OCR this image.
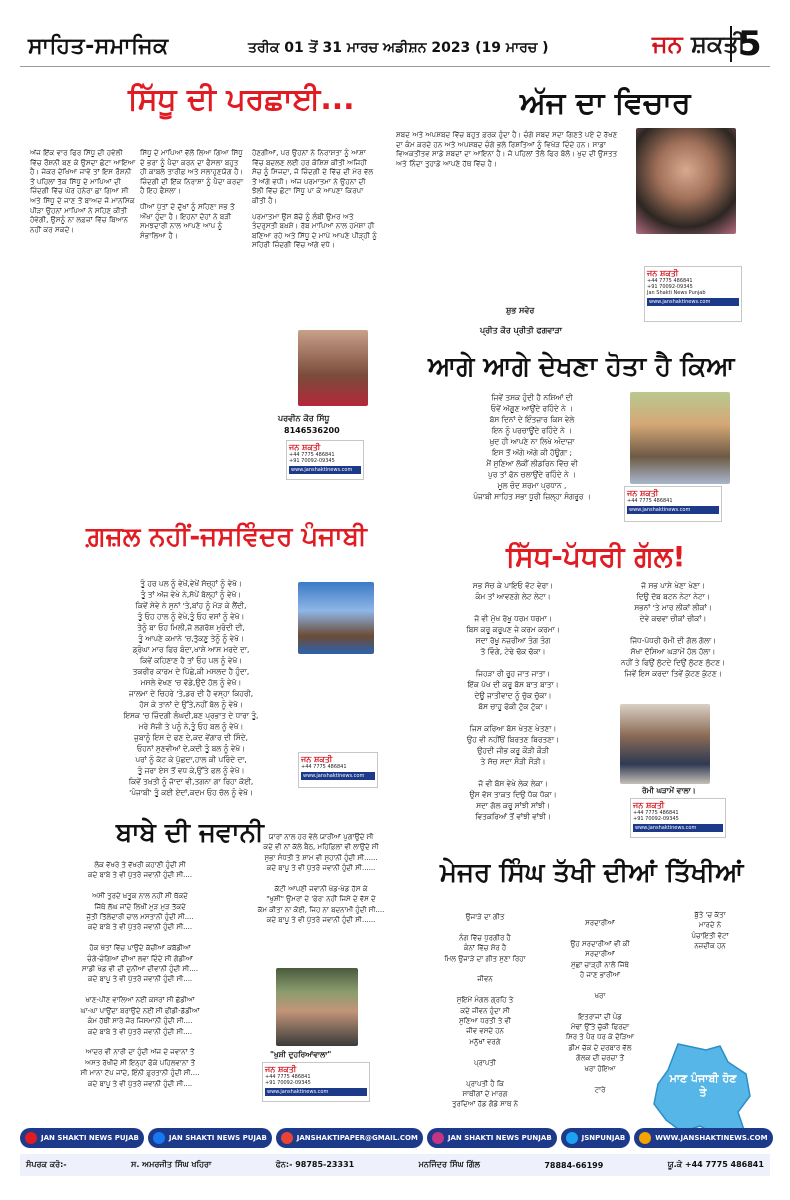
ਸਾਹਿਤ-ਸਮਾਜਿਕ	ਤਰੀਕ 01 ਤੋਂ 31 ਮਾਰਚ ਅਡੀਸ਼ਨ 2023 (19 ਮਾਰਚ )	ਜਨ ਸ਼ਕਤੀ
5
ਸਿੱਧੂ ਦੀ ਪਰਛਾਈ...

ਅੱਜ ਇੱਕ ਵਾਰ ਫਿਰ ਸਿੱਧੂ ਦੀ ਹਵੇਲੀ ਵਿੱਚ ਰੌਸ਼ਨੀ ਬਣ ਕੇ ਉਸਦਾ ਛੋਟਾ ਆਇਆ ਹੈ। ਜੇਕਰ ਦੇਖਿਆ ਜਾਵੇ ਤਾਂ ਇਸ ਰੌਸ਼ਨੀ ਤੋਂ ਪਹਿਲਾਂ ਤੱਕ ਸਿੱਧੂ ਦੇ ਮਾਪਿਆਂ ਦੀ ਜ਼ਿੰਦਗੀ ਵਿੱਚ ਘੋਰ ਹਨੇਰਾ ਛਾ ਗਿਆ ਸੀ ਅਤੇ ਸਿੱਧੂ ਦੇ ਜਾਣ ਤੋਂ ਬਾਅਦ ਜੋ ਮਾਨਸਿਕ ਪੀੜਾ ਉਹਨਾਂ ਮਾਪਿਆਂ ਨੇ ਸਹਿਣ ਕੀਤੀ ਹੋਵੇਗੀ, ਉਸਨੂੰ ਨਾ ਲਫ਼ਜ਼ਾਂ ਵਿੱਚ ਬਿਆਨ ਨਹੀਂ ਕਰ ਸਕਦੇ।

ਸਿੱਧੂ ਦੇ ਮਾਪਿਆਂ ਵੱਲੋਂ ਲਿਆ ਗਿਆ ਸਿੱਧੂ ਦੇ ਭਰਾ ਨੂੰ ਪੈਦਾ ਕਰਨ ਦਾ ਫੈਸਲਾ ਬਹੁਤ ਹੀ ਕਾਬਲੇ ਤਾਰੀਫ਼ ਅਤੇ ਸਲਾਹੁਣਯੋਗ ਹੈ। ਜ਼ਿੰਦਗੀ ਦੀ ਇੱਕ ਨਿਰਾਸ਼ਾ ਨੂੰ ਪੈਦਾ ਕਰਦਾ ਹੈ ਇਹ ਫੈਸਲਾ।

ਧੀਆਂ ਪੁੱਤਾਂ ਦੇ ਦੁੱਖਾਂ ਨੂੰ ਸਹਿਣਾ ਸਭ ਤੋਂ ਔਖਾ ਹੁੰਦਾ ਹੈ। ਇਹਨਾਂ ਦੋਹਾਂ ਨੇ ਬੜੀ ਸਮਝਦਾਰੀ ਨਾਲ ਆਪਣੇ ਆਪ ਨੂੰ ਸੰਭਾਲਿਆ ਹੈ।

ਹੋਣਗੀਆਂ, ਪਰ ਉਹਨਾਂ ਨੇ ਨਿਰਾਸ਼ਤਾ ਨੂੰ ਆਸ਼ਾ ਵਿੱਚ ਬਦਲਣ ਲਈ ਹਰ ਕੋਸ਼ਿਸ਼ ਕੀਤੀ ਅਜਿਹੀ ਸੋਚ ਨੂੰ ਸਿਜਦਾ, ਜੋ ਜ਼ਿੰਦਗੀ ਦੇ ਵਿੱਚ ਦੀ ਮੇਰ ਵੱਲ ਤੋਂ ਅੱਗੇ ਵਧੀ। ਅੱਜ ਪਰਮਾਤਮਾ ਨੇ ਉਹਨਾਂ ਦੀ ਝੋਲੀ ਵਿੱਚ ਛੋਟਾ ਸਿੱਧੂ ਪਾ ਕੇ ਆਪਣਾ ਕਿਰਪਾ ਕੀਤੀ ਹੈ।

ਪਰਮਾਤਮਾ ਉਸ ਬੱਚੇ ਨੂੰ ਲੰਬੀ ਉਮਰ ਅਤੇ ਤੰਦਰੁਸਤੀ ਬਖ਼ਸ਼ੇ। ਰੱਬ ਮਾਪਿਆਂ ਨਾਲ ਹਮੇਸ਼ਾ ਹੀ ਬਣਿਆ ਰਹੇ ਅਤੇ ਸਿੱਧੂ ਦੇ ਮਾਪੇ ਆਪਣੇ ਪੀੜ੍ਹੀ ਨੂੰ ਸਹਿਰੀ ਜ਼ਿੰਦਗੀ ਵਿੱਚ ਅੱਗੇ ਵਧੇ।

ਪਰਵੀਨ ਕੌਰ ਸਿੱਧੂ
8146536200
ਜਨ ਸ਼ਕਤੀ
+44 7775 486841
+91 70092-09345
www.janshaktinews.com
ਅੱਜ ਦਾ ਵਿਚਾਰ
ਸ਼ਬਦ ਅਤੇ ਅਪਸ਼ਬਦ ਵਿੱਚ ਬਹੁਤ ਫ਼ਰਕ ਹੁੰਦਾ ਹੈ। ਚੰਗੇ ਸ਼ਬਦ ਸਦਾ ਗਿਣਤੇ ਪਏ ਦੇ ਰੱਖਣ ਦਾ ਕੰਮ ਕਰਦੇ ਹਨ ਅਤੇ ਅਪਸ਼ਬਦ ਚੰਗੇ ਭਲੇ ਰਿਸ਼ਤਿਆਂ ਨੂੰ ਵਿਖੇੜ ਦਿੰਦੇ ਹਨ। ਸਾਡਾ ਵਿਅਕਤੀਤਵ ਸਾਡੇ ਸ਼ਬਦਾਂ ਦਾ ਆਇਨਾ ਹੈ। ਜੋ ਪਹਿਲਾਂ ਤੋਲੋ ਫਿਰ ਬੋਲੋ। ਖੁਦ ਦੀ ਉਸਤਤ ਅਤੇ ਨਿੰਦਾ ਤੁਹਾਡੇ ਆਪਣੇ ਹੱਥ ਵਿੱਚ ਹੈ।
ਜਨ ਸ਼ਕਤੀ
+44 7775 486841
+91 70092-09345
Jan Shakti News Punjab
www.janshaktinews.com
ਸ਼ੁਭ ਸਵੇਰ
ਪ੍ਰੀਤ ਕੌਰ ਪ੍ਰੀਤੀ ਫਗਵਾੜਾ
ਆਗੇ ਆਗੇ ਦੇਖਣਾ ਹੋਤਾ ਹੈ ਕਿਆ
ਜਿਵੇਂ ਤਸਕ ਹੁੰਦੀ ਹੈ ਨਸ਼ਿਆਂ ਦੀ
ਓਵੇਂ ਅੱਗੂਣ ਆਉਂਦੇ ਰਹਿੰਦੇ ਨੇ ।
ਬੱਸ ਦਿਨਾਂ ਦੇ ਇੰਤਜ਼ਾਰ ਕਿਸ ਵੇਲੇ
ਇਨ ਨੂੰ ਪਰਚਾਊਂਦੇ ਰਹਿੰਦੇ ਨੇ ।
ਖ਼ੁਦ ਹੀ ਆਪਣੇ ਨਾ ਲਿਖੇ ਅੰਦਾਜ਼ਾ
ਇਸ ਤੋਂ ਅੱਗੇ ਅੱਗੇ ਕੀ ਹੋਊਗਾ ;
ਮੈਂ ਸੁਣਿਆ ਲੋਕੀਂ ਲੀਡਰਿਨ ਵਿੱਚ ਵੀ
ਪੁਰ ਤਾਂ ਫੋਨ ਚਲਾਉਂਦੇ ਰਹਿੰਦੇ ਨੇ ।
ਮੂਲ ਚੰਦ ਸ਼ਰਮਾ ਪ੍ਰਧਾਨ ,
ਪੰਜਾਬੀ ਸਾਹਿਤ ਸਭਾ ਧੂਰੀ ਜ਼ਿਲ੍ਹਾ ਸੰਗਰੂਰ ।	ਜਨ ਸ਼ਕਤੀ
+44 7775 486841
www.janshaktinews.com
ਗ਼ਜ਼ਲ ਨਹੀਂ-ਜਸਵਿੰਦਰ ਪੰਜਾਬੀ
ਤੂੰ ਹਰ ਪਲ ਨੂੰ ਵੇਖੇਂ,ਵੇਖੇਂ ਸੋਚ੍ਹਾਂ ਨੂੰ ਵੇਖੋ।
ਤੂੰ ਤਾਂ ਅੱਜ ਵੇਖੇ ਨੇ,ਸੱਪੇਂ ਬੋਲ੍ਹਾਂ ਨੂੰ ਵੇਖੋ।
ਕਿਵੇਂ ਸੇਵੇ ਨੇ ਸੁਨਾਂ 'ਤੇ,ਬਾਂਹ ਨੂੰ ਮੋੜ ਕੇ ਲੈਂਦੀ,
ਤੂੰ ਓਹ ਹਾਲ ਨੂੰ ਵੇਖੇ,ਤੂੰ ਓਹ ਵਸਾਂ ਨੂੰ ਵੇਖੋ।
ਤੇਨੂੰ ਬਾ ਓਹ ਮਿਲੀ,ਜੋ ਲਗਰੋਸ਼ ਮੁਰੰਦੀ ਦੀ,
ਤੂੰ ਆਪਣੇ ਕਮਾਨੇ 'ਚ,ਤੁੱਕਣੂ ਤੇਨੂੰ ਨੂੰ ਵੇਖੋ।
ਡ੍ਰੰਘਾ ਮਾਰ ਫਿਰ ਬੰਦਾ,ਖਾਸ਼ੇ ਆਸ ਮਰਦੇ ਦਾ,
ਕਿਵੇਂ ਕਹਿਣਾਣ ਹੈ ਤਾਂ ਓਹ ਪਲ ਨੂੰ ਵੇਖੋ।
ਤਕਰੀਰ ਕਾਰਮ ਦੇ ਪਿੱਛੇ,ਕੀ ਮਸਲਦ ਹੈ ਹੁੰਦਾ,
ਮਸਲੇ ਵੇਖਣ 'ਚ ਵੱਡੇ,ਉਦੋ ਹੱਲ ਨੂੰ ਵੇਖੋ।
ਜਾਲਮਾ ਦੇ ਚਿਹਰੇ 'ਤੇ,ਡਰ ਦੀ ਹੈ ਵਸ੍ਹਾ ਕਿਹਰੀ,
ਹੱਸ ਕੇ ਤਾਨਾਂ ਦੇ ਉੱਤੇ,ਨਹੀਂ ਬੋਲ ਨੂੰ ਵੇਖੋ।
ਇਸਕ 'ਚ ਜ਼ਿੰਦਗੀ ਲੰਘਦੀ,ਬਣ ਪ੍ਰਭਾਤ ਦੇ ਧਾਰਾ ਤੂੰ,
ਮਰੇ ਸੱਜੀ ਤੇ ਪਨੂੰ ਨੇ,ਤੂੰ ਓਹ ਬਲ ਨੂੰ ਵੇਖੋ।
ਜੁਬਾਨੂੰ ਇਸ ਦੇ ਫਣ ਦੇ,ਕਦ ਵੇਂਗਾਰ ਦੀ ਸਿੰਦੇ,
ਓਹਨਾਂ ਸੁਣਵੀਆਂ ਦੇ,ਕਦੀ ਤੂੰ ਬਲ ਨੂੰ ਵੇਖੋ।
ਪਰਾਂ ਨੂੰ ਕੱਟ ਕੇ ਪੁੱਛਦਾ,ਹਾਲ ਕੀ ਪਰਿੰਦੇ ਦਾ,
ਤੂੰ ਜਰਾ ਏਸ ਤੋਂ ਵਧ ਕੇ,ਉੱਤੇ ਫਲ ਨੂੰ ਵੇਖੋ।
ਕਿਵੇਂ ਤਖ਼ਤੀ ਨੂੰ ਜਾੱਦਾ ਵੀ,ਤਗਨਾ ਗਾ ਰਿਹਾ ਕੋਈ,
'ਪੰਜਾਬੀ' ਤੂੰ ਕਈ ਏਦਾਂ,ਕਦਮ ਓਹ ਚੱਲ ਨੂੰ ਵੇਖੋ।
ਜਨ ਸ਼ਕਤੀ
+44 7775 486841
www.janshaktinews.com
ਸਿੱਧ-ਪੱਧਰੀ ਗੱਲ!
ਸਭ ਸੋਚ ਕੇ ਪਾਇਓ ਵੋਟ ਵੇਰਾ।
ਕੰਮ ਤਾਂ ਆਵਣਗੇ ਲੇਟ ਲੇਟਾ।

ਜੋ ਵੀ ਮੁੱਖ ਰੱਖੂ ਧਰਮ ਧਰਮਾ।
ਬਿਸ ਕਰੂ ਕਰੂਪਣ ਜੇ ਕਰਮ ਕਰਮਾ।
ਸਦਾ ਰੱਖੂ ਨਜ਼ਰੀਆ ਤੰਗ ਤੰਗ
ਤੋ ਵਿੰਗੇ, ਟੇਢੇ ਢੱਕ ਢੱਕਾ।

ਜਿਹੜਾ ਰੀ ਰੂਹ ਜਾਤ ਜਾਤਾ।
ਇੱਕ ਪੱਖ ਦੀ ਕਰੂ ਬੱਸ ਬਾਤ ਬਾਤਾ।
ਦੇਊ ਜਾਤੀਵਾਦ ਨੂੰ ਚੁੱਕ ਚੁੱਕਾ।
ਬੱਸ ਚਾਹੂ ਫੋਕੀ ਟੁੱਕ ਟੁੱਕਾ।

ਜਿਸ ਕਰਿਆ ਬੱਸ ਖੇਤਣ ਖੇਤਣਾ।
ਉਹ ਵੀ ਨਹੀਂਓਂ ਬਿਰਤਣ ਬਿਰਤਣਾ।
ਉਹਦੀ ਜੀਭ ਕਰੂ ਕੌੜੀ ਕੌੜੀ
ਤੇ ਸੋਚ ਸਦਾ ਸੌੜੀ ਸੌੜੀ।

ਜੋ ਵੀ ਬੱਸ ਵੇਖੇ ਲੇਕ ਲੇਕਾ।
ਉਸ ਵੱਸ ਤਾਕਤ ਦਿਉ ਧੋਕ ਧੋਕਾ।
ਸਦਾ ਗੱਲ ਕਰੂ ਸਾਂਝੀ ਸਾਂਝੀ।
ਵਿਤਕਰਿਆਂ ਤੋਂ ਵਾਂਝੀ ਵਾਂਝੀ।
ਜੋ ਸਭ ਪਾਸੇ ਖੇਣਾ ਖੇਣਾ।
ਦਿਊ ਦੱਬ ਬਟਨ ਨੇਟਾ ਨੇਟਾ।
ਸਭਨਾਂ 'ਤੇ ਮਾਰ ਲੀਕਾਂ ਲੀਕਾਂ।
ਦੇਵੇ ਕਢਵਾ ਚੀਕਾਂ ਚੀਕਾਂ।

ਜਿੱਧ-ਪੱਧਰੀ ਰੋਮੀ ਦੀ ਗੱਲ ਗੱਲਾ।
ਸੋਖਾ ਦੱਸਿਆ ਘੜਾਮੇਂ ਹੱਲ ਹੱਲਾ।
ਨਹੀਂ ਤੇ ਫਿਉਂ ਲੁੱਟਦੇ ਦਿਉਂ ਲੁੱਟਣ ਲੁੱਟਣ।
ਜਿਵੇਂ ਇਸ ਕਰਦਾ ਤਿਵੇਂ ਕੁੱਟਣ ਕੁੱਟਣ।
ਰੋਮੀ ਘੜਾਮੇਂ ਵਾਲਾ।
ਜਨ ਸ਼ਕਤੀ
+44 7775 486841
+91 70092-09345
www.janshaktinews.com
ਬਾਬੇ ਦੀ ਜਵਾਨੀ
ਲੋਕ ਵੱਖਰੇ ਤੇ ਵੱਖਰੀ ਕਹਾਣੀ ਹੁੰਦੀ ਸੀ
ਕਦੇ ਬਾਬੇ ਤੇ ਵੀ ਪੁੱਤਰੋ ਜਵਾਨੀ ਹੁੰਦੀ ਸੀ....

ਅਸੀਂ ਤੁਰਦੇ ਖ਼ਤੂਕ ਨਾਲ ਨਹੀਂ ਸੀ ਥੱਕਦੇ
ਜਿੱਥੇ ਲੱਘ ਜਾਂਦੇ ਲਿਖੀਂ ਮੁੜ ਮੁੜ ਤੱਕਦੇ
ਜੁੱਤੀ ਤਿੱਲੇਦਾਰੀ ਚਾਲ ਮਸਤਾਨੀ ਹੁੰਦੀ ਸੀ....
ਕਦੇ ਬਾਬੇ ਤੇ ਵੀ ਪੁੱਤਰੋ ਜਵਾਨੀ ਹੁੰਦੀ ਸੀ....

ਹੋਕ ਖੱਤਾਂ ਵਿੱਚ ਪਾਉਂਦੇ ਕੱਚੀਆਂ ਕਬੱਡੀਆਂ
ਚੰਗੇ-ਚੰਗਿਆਂ ਦੀਆਂ ਲਵਾ ਦਿੰਦੇ ਸੀ ਗੋਡੀਆਂ
ਸਾਡੀ ਖੇਡ ਵੀ ਦੀ ਦੁਨੀਆਂ ਦੀਵਾਨੀ ਹੁੰਦੀ ਸੀ....
ਕਦੇ ਬਾਪੂ ਤੇ ਵੀ ਪੁੱਤਰੋ ਜਵਾਨੀ ਹੁੰਦੀ ਸੀ....

ਖਾਣ-ਪੀਣ ਵਾਲਿਆਂ ਨਈਂ ਕਸਰਾਂ ਸੀ ਛੱਡੀਆਂ
ਘਾ-ਘਾ ਪਾਉਂਦਾ ਬਰਾਉਂਦੇ ਨਈਂ ਸੀ ਫੀਡੀ-ਡੱਡੀਆਂ
ਕੰਮ ਹੱਥੀਂ ਸਾਰੇ ਜੋਰ ਜਿਸਮਾਨੀ ਹੁੰਦੀ ਸੀ....
ਕਦੇ ਬਾਬੇ ਤੇ ਵੀ ਪੁੱਤਰੋ ਜਵਾਨੀ ਹੁੰਦੀ ਸੀ....

ਆਦਰ ਵੀ ਨਾਰੀ ਦਾ ਹੁੰਦੀ ਅੱਜ ਦੇ ਜਵਾਨਾਂ ਤੋਂ
ਅਸਤ ਰੱਖੀਦੇ ਸੀ ਇਨ੍ਹਾਂ ਫੋਕੇ ਪਹਿਲਵਾਨਾਂ ਤੋਂ
ਸੀ ਮਾਨਾ ਟੱਪ ਜਾਂਦੇ, ਇੰਨੀ ਫ਼ੁਰਤਾਨੀ ਹੁੰਦੀ ਸੀ....
ਕਦੇ ਬਾਪੂ ਤੇ ਵੀ ਪੁੱਤਰੋ ਜਵਾਨੀ ਹੁੰਦੀ ਸੀ....
ਯਾਰਾਂ ਨਾਲ ਹਰ ਵੇਲੇ ਯਾਰੀਆਂ ਪੁਗਾਉਂਦੇ ਸੀ
ਕਦੇ ਵੀ ਨਾਂ ਕੱਲੇ ਬੈਠ, ਮਹਿਫ਼ਿਲਾਂ ਵੀ ਲਾਉਂਦੇ ਸੀ
ਸੁਭਾ ਸੰਧਤੀ ਤੇ ਸ਼ਾਮ ਵੀ ਸੁਹਾਨੀ ਹੁੰਦੀ ਸੀ......
ਕਦੇ ਬਾਪੂ ਤੇ ਵੀ ਪੁੱਤਰੋ ਜਵਾਨੀ ਹੁੰਦੀ ਸੀ......

ਕੱਟੀ ਆਪਣੀ ਜਵਾਨੀ ਖੇਡ-ਖੇਡ ਹੱਸ ਕੇ
"ਖੁਸ਼ੀ" ਉਮਰਾਂ ਦੇ 'ਫੇਰ' ਨਹੀਂ ਜਿਸੇ ਦੇ ਵੱਸ ਦੇ
ਕੱਮ ਕੀਤਾ ਨਾ ਕੋਈ, ਜਿਹ ਨਾ ਬਦਨਾਮੀ ਹੁੰਦੀ ਸੀ....
ਕਦੇ ਬਾਪੂ ਤੇ ਵੀ ਪੁੱਤਰੋ ਜਵਾਨੀ ਹੁੰਦੀ ਸੀ......
"ਖੁਸ਼ੀ ਦੁਹਰਿਆਂਵਾਲਾ"
ਜਨ ਸ਼ਕਤੀ
+44 7775 486841
+91 70092-09345
www.janshaktinews.com
ਮੇਜਰ ਸਿੰਘ ਤੱਖੀ ਦੀਆਂ ਤਿੱਖੀਆਂ
ਉਜਾੜੇ ਦਾ ਗੀਤ

ਨੰਗ ਵਿੱਚ ਧੁਰਗੀਰ ਹੈ
ਕੰਨਾਂ ਵਿੱਚ ਸ਼ੋਰ ਹੈ
ਮਿਲ ਉਜਾੜੇ ਦਾ ਗੀਤ ਸੁਣਾ ਰਿਹਾ

ਜੀਵਨ

ਸੁਇਮੇਂ ਮੰਗਲ ਗ੍ਰਹਿ ਤੇ
ਕਦੇ ਜੀਵਨ ਹੁੰਦਾ ਸੀ
ਸੁਣਿਆ ਧਰਤੀ ਤੇ ਵੀ
ਜੀਵ ਵਸਦੇ ਹਨ
ਮਨੁੱਖਾਂ ਵਰਗੇ

ਪ੍ਰਾਪਤੀ

ਪ੍ਰਾਪਤੀ ਹੈ ਕਿ
ਸਾਥੀਗਾਂ ਦੇ ਮਾਰਗ
ਤੁਰਦਿਆਂ ਹੱਡ ਗੋਡੇ ਸਾਥ ਨੇ
ਸਰਦਾਰੀਆਂ

ਉਹ ਸਰਦਾਰੀਆਂ ਵੀ ਕੀ
ਸਰਦਾਰੀਆਂ
ਮੁੱਛਾਂ ਚਾੜ੍ਹੀ ਨਾਲੋਂ ਜਿੱਥੇ
ਹੋ ਜਾਣ ਭਾਰੀਆਂ

ਖਰਾ

ਇਤਰਾਜਾਂ ਦੀ ਪੰਡ
ਮੋਢਾਂ ਉੱਤੇ ਚੁੱਕੀ ਫਿਰਦਾ
ਸਿਰ ਤੇ ਪੈਰ ਧਰ ਕੇ ਦੋੜਿਆ
ਡੀਮ ਚੱਕ ਦੇ ਦਰਬਾਰ ਵੱਲ
ਗੋਲਕ ਦੀ ਚਰਚਾ ਤੋਂ
ਖਰਾ ਹੋਇਆ

ਟਾਰੇ
ਬੁੱਤੇ 'ਚ ਕੱਤਾ
ਮਾਰਦੇ ਨੇ
ਪੰਚਾਇਤੀ ਵੋਟਾਂ
ਨਜ਼ਦੀਕ ਹਨ
ਮਾਣ ਪੰਜਾਬੀ ਹੋਣ ਤੇ
JAN SHAKTI NEWS PUJAB	JAN SHAKTI NEWS PUJAB	JANSHAKTIPAPER@GMAIL.COM	JAN SHAKTI NEWS PUNJAB	JSNPUNJAB	WWW.JANSHAKTINEWS.COM
ਸੰਪਰਕ ਕਰੋ:-	ਸ. ਅਮਰਜੀਤ ਸਿੰਘ ਖਹਿਰਾ	ਫੋਨ:- 98785-23331	ਮਨਜਿੰਦਰ ਸਿੰਘ ਗਿੱਲ	78884-66199	ਯੂ.ਕੇ +44 7775 486841
